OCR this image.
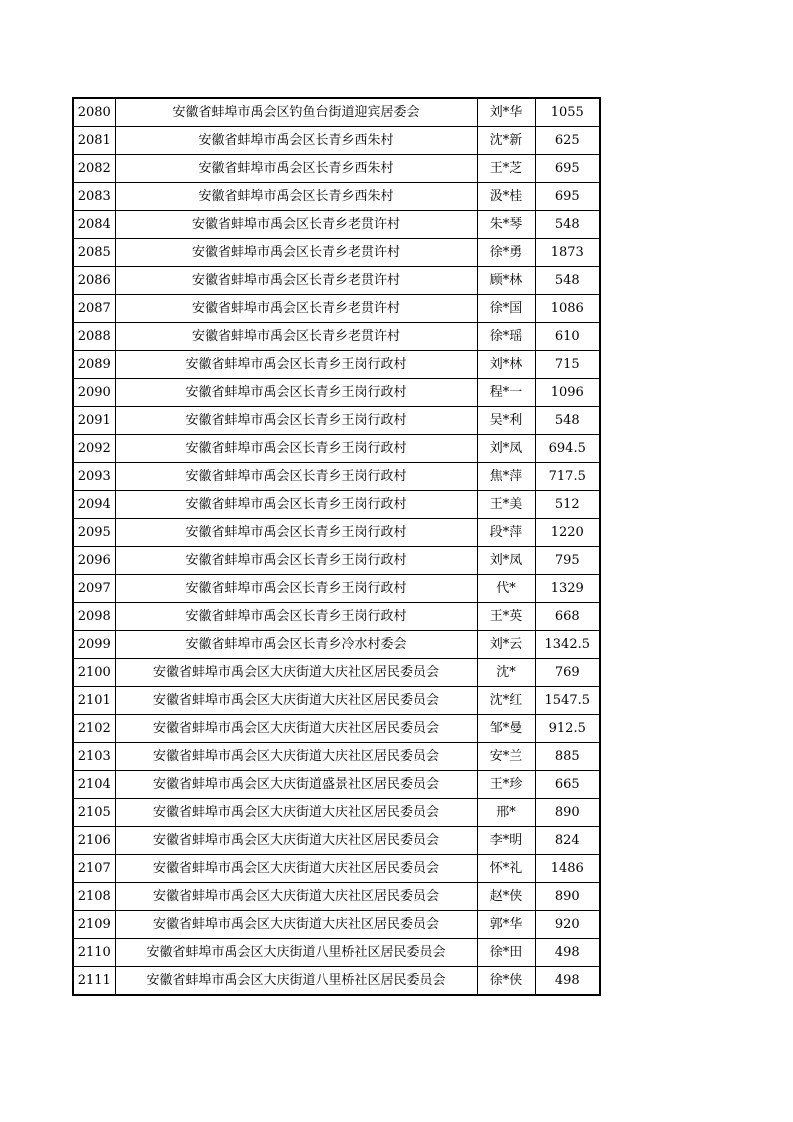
2080	安徽省蚌埠市禹会区钓鱼台街道迎宾居委会	刘*华	1055
2081	安徽省蚌埠市禹会区长青乡西朱村	沈*新	625
2082	安徽省蚌埠市禹会区长青乡西朱村	王*芝	695
2083	安徽省蚌埠市禹会区长青乡西朱村	汲*桂	695
2084	安徽省蚌埠市禹会区长青乡老贯许村	朱*琴	548
2085	安徽省蚌埠市禹会区长青乡老贯许村	徐*勇	1873
2086	安徽省蚌埠市禹会区长青乡老贯许村	顾*林	548
2087	安徽省蚌埠市禹会区长青乡老贯许村	徐*国	1086
2088	安徽省蚌埠市禹会区长青乡老贯许村	徐*瑶	610
2089	安徽省蚌埠市禹会区长青乡王岗行政村	刘*林	715
2090	安徽省蚌埠市禹会区长青乡王岗行政村	程*一	1096
2091	安徽省蚌埠市禹会区长青乡王岗行政村	吴*利	548
2092	安徽省蚌埠市禹会区长青乡王岗行政村	刘*凤	694.5
2093	安徽省蚌埠市禹会区长青乡王岗行政村	焦*萍	717.5
2094	安徽省蚌埠市禹会区长青乡王岗行政村	王*美	512
2095	安徽省蚌埠市禹会区长青乡王岗行政村	段*萍	1220
2096	安徽省蚌埠市禹会区长青乡王岗行政村	刘*凤	795
2097	安徽省蚌埠市禹会区长青乡王岗行政村	代*	1329
2098	安徽省蚌埠市禹会区长青乡王岗行政村	王*英	668
2099	安徽省蚌埠市禹会区长青乡冷水村委会	刘*云	1342.5
2100	安徽省蚌埠市禹会区大庆街道大庆社区居民委员会	沈*	769
2101	安徽省蚌埠市禹会区大庆街道大庆社区居民委员会	沈*红	1547.5
2102	安徽省蚌埠市禹会区大庆街道大庆社区居民委员会	邹*曼	912.5
2103	安徽省蚌埠市禹会区大庆街道大庆社区居民委员会	安*兰	885
2104	安徽省蚌埠市禹会区大庆街道盛景社区居民委员会	王*珍	665
2105	安徽省蚌埠市禹会区大庆街道大庆社区居民委员会	邢*	890
2106	安徽省蚌埠市禹会区大庆街道大庆社区居民委员会	李*明	824
2107	安徽省蚌埠市禹会区大庆街道大庆社区居民委员会	怀*礼	1486
2108	安徽省蚌埠市禹会区大庆街道大庆社区居民委员会	赵*侠	890
2109	安徽省蚌埠市禹会区大庆街道大庆社区居民委员会	郭*华	920
2110	安徽省蚌埠市禹会区大庆街道八里桥社区居民委员会	徐*田	498
2111	安徽省蚌埠市禹会区大庆街道八里桥社区居民委员会	徐*侠	498
